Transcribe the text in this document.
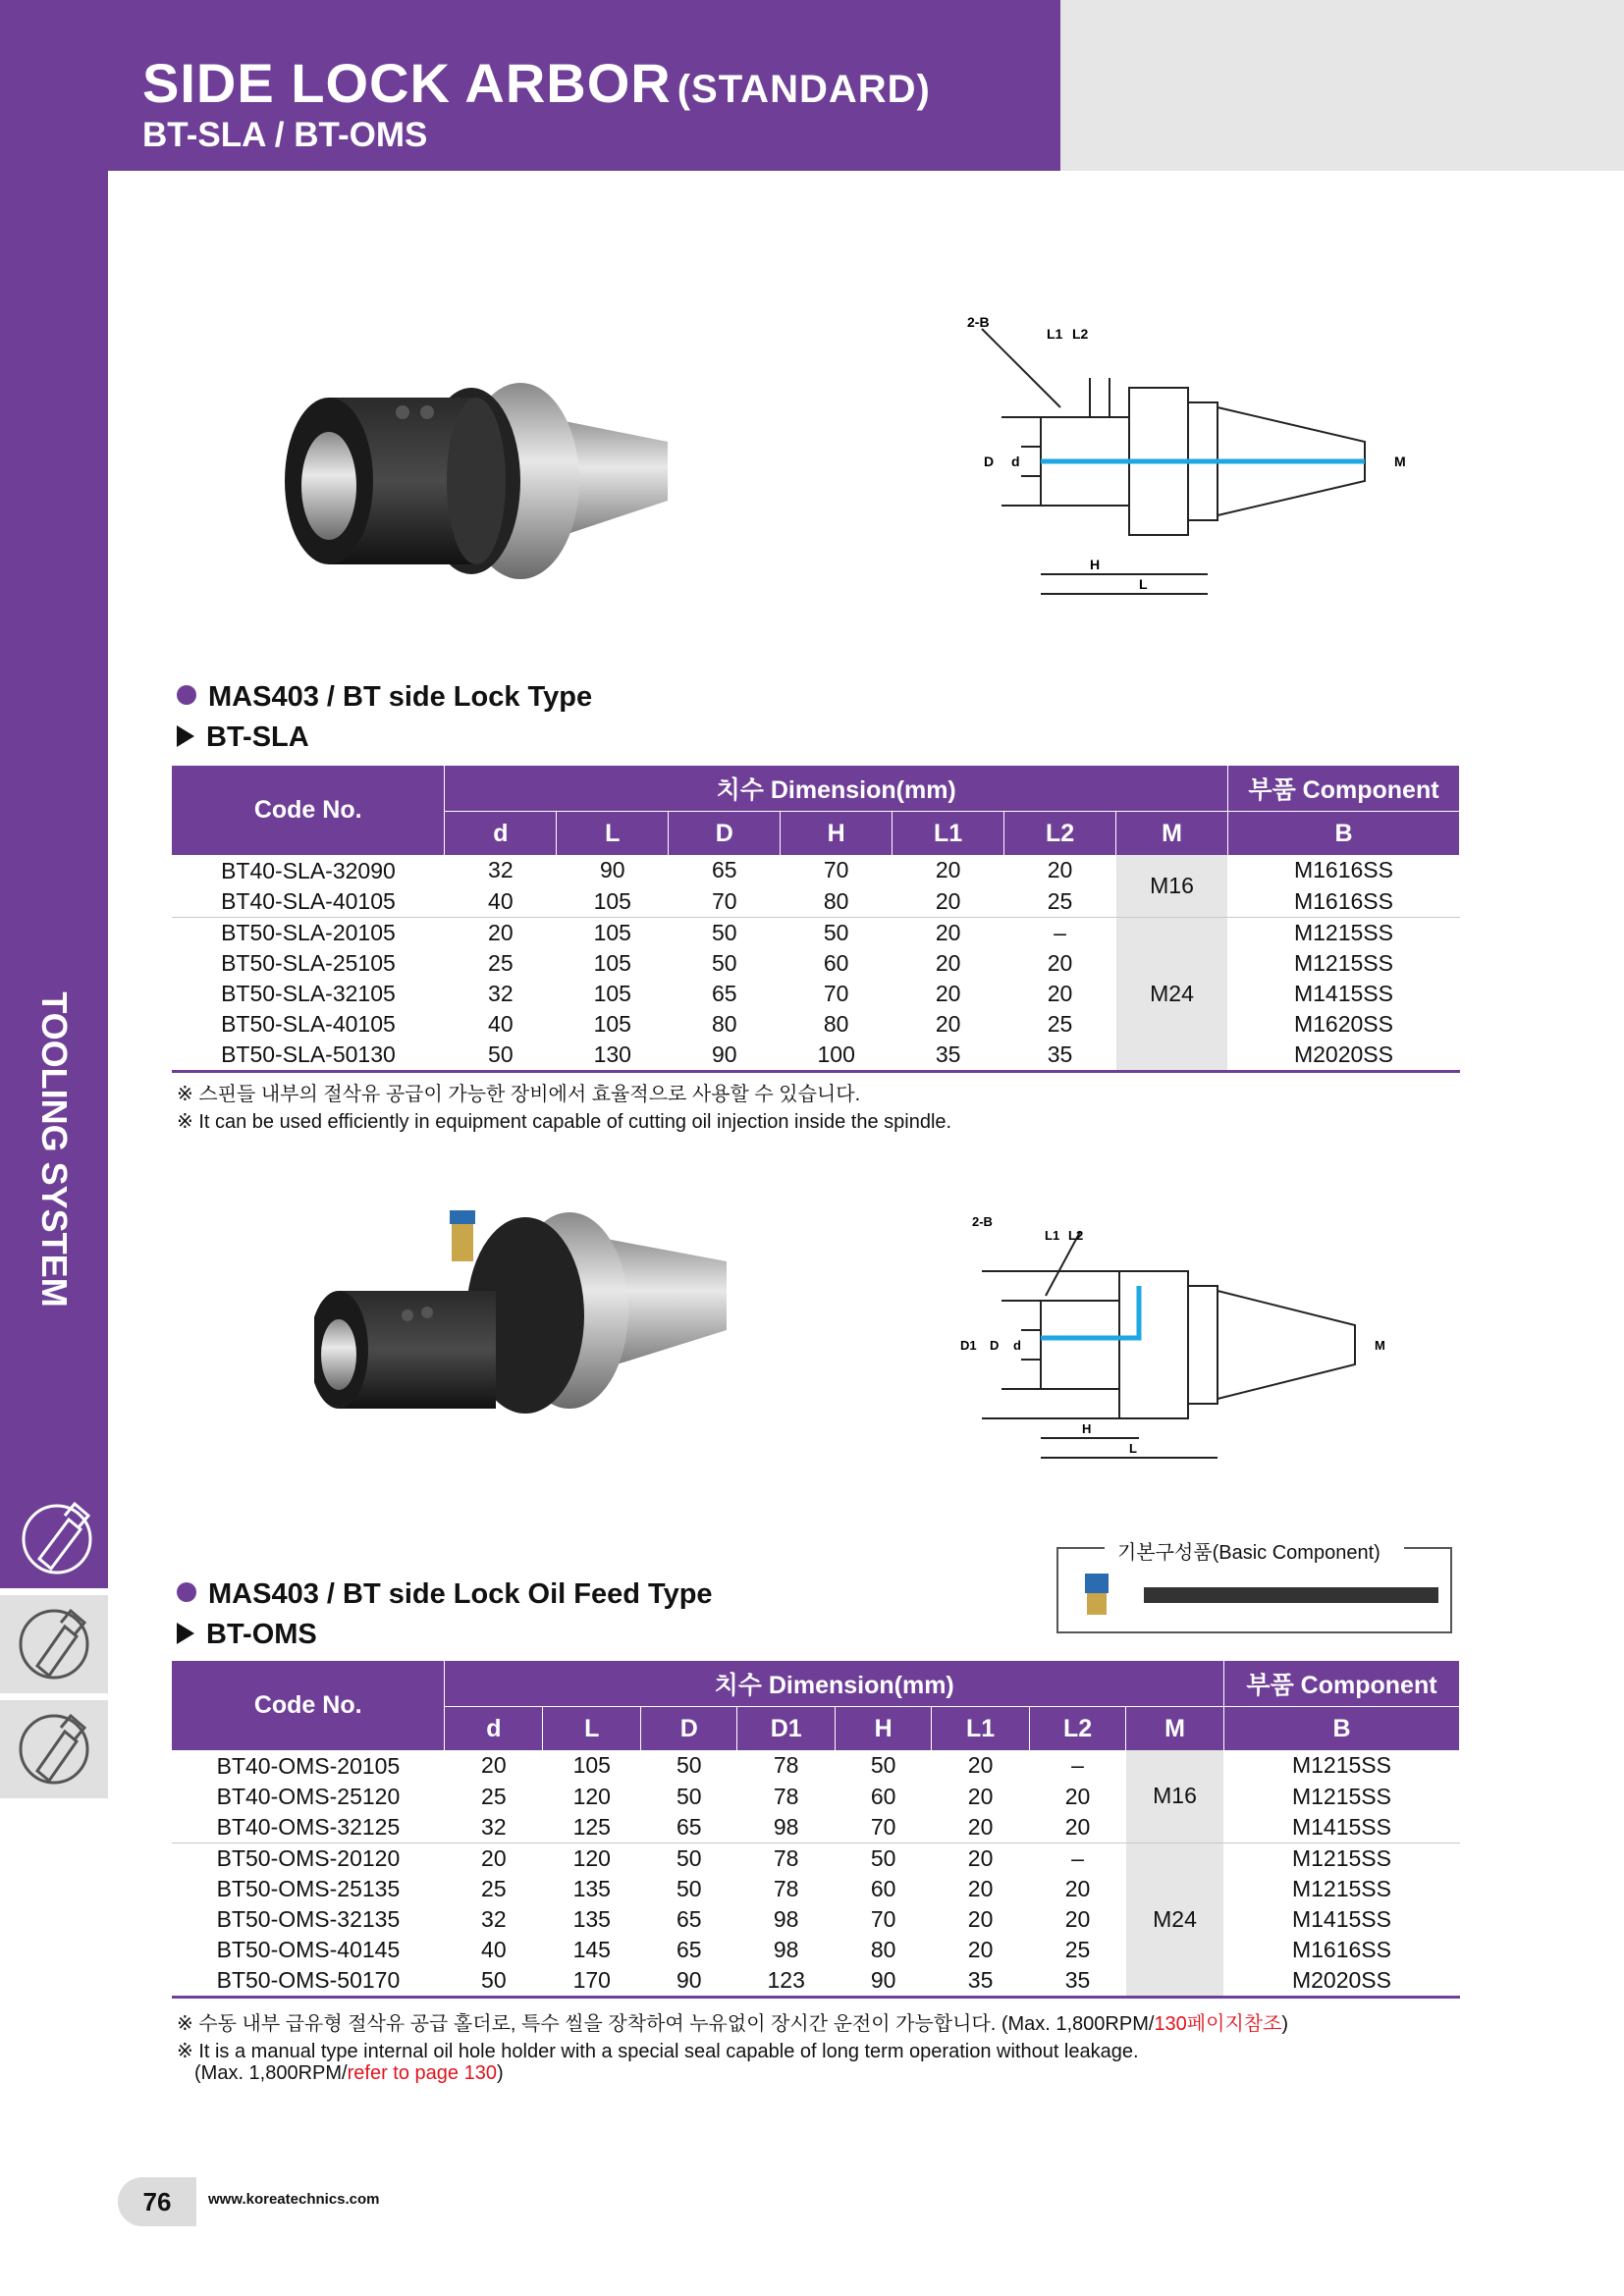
SIDE LOCK ARBOR (STANDARD)
BT-SLA / BT-OMS
TOOLING SYSTEM
2-B
L1 L2
D d	M
H
L
MAS403 / BT side Lock Type
BT-SLA
Code No.	치수 Dimension(mm)							부품 Component
	d	L	D	H	L1	L2	M	B
BT40-SLA-32090	32	90	65	70	20	20	M16	M1616SS
BT40-SLA-40105	40	105	70	80	20	25		M1616SS
BT50-SLA-20105	20	105	50	50	20	–	M24	M1215SS
BT50-SLA-25105	25	105	50	60	20	20		M1215SS
BT50-SLA-32105	32	105	65	70	20	20		M1415SS
BT50-SLA-40105	40	105	80	80	20	25		M1620SS
BT50-SLA-50130	50	130	90	100	35	35		M2020SS
※ 스핀들 내부의 절삭유 공급이 가능한 장비에서 효율적으로 사용할 수 있습니다.
※ It can be used efficiently in equipment capable of cutting oil injection inside the spindle.
2-B
L1 L2
D1 D d	M
H
L
기본구성품(Basic Component)
MAS403 / BT side Lock Oil Feed Type
BT-OMS
Code No.	치수 Dimension(mm)								부품 Component
	d	L	D	D1	H	L1	L2	M	B
BT40-OMS-20105	20	105	50	78	50	20	–	M16	M1215SS
BT40-OMS-25120	25	120	50	78	60	20	20		M1215SS
BT40-OMS-32125	32	125	65	98	70	20	20		M1415SS
BT50-OMS-20120	20	120	50	78	50	20	–	M24	M1215SS
BT50-OMS-25135	25	135	50	78	60	20	20		M1215SS
BT50-OMS-32135	32	135	65	98	70	20	20		M1415SS
BT50-OMS-40145	40	145	65	98	80	20	25		M1616SS
BT50-OMS-50170	50	170	90	123	90	35	35		M2020SS
※ 수동 내부 급유형 절삭유 공급 홀더로, 특수 씰을 장착하여 누유없이 장시간 운전이 가능합니다. (Max. 1,800RPM/130페이지참조)
※ It is a manual type internal oil hole holder with a special seal capable of long term operation without leakage.
(Max. 1,800RPM/refer to page 130)
76	www.koreatechnics.com
